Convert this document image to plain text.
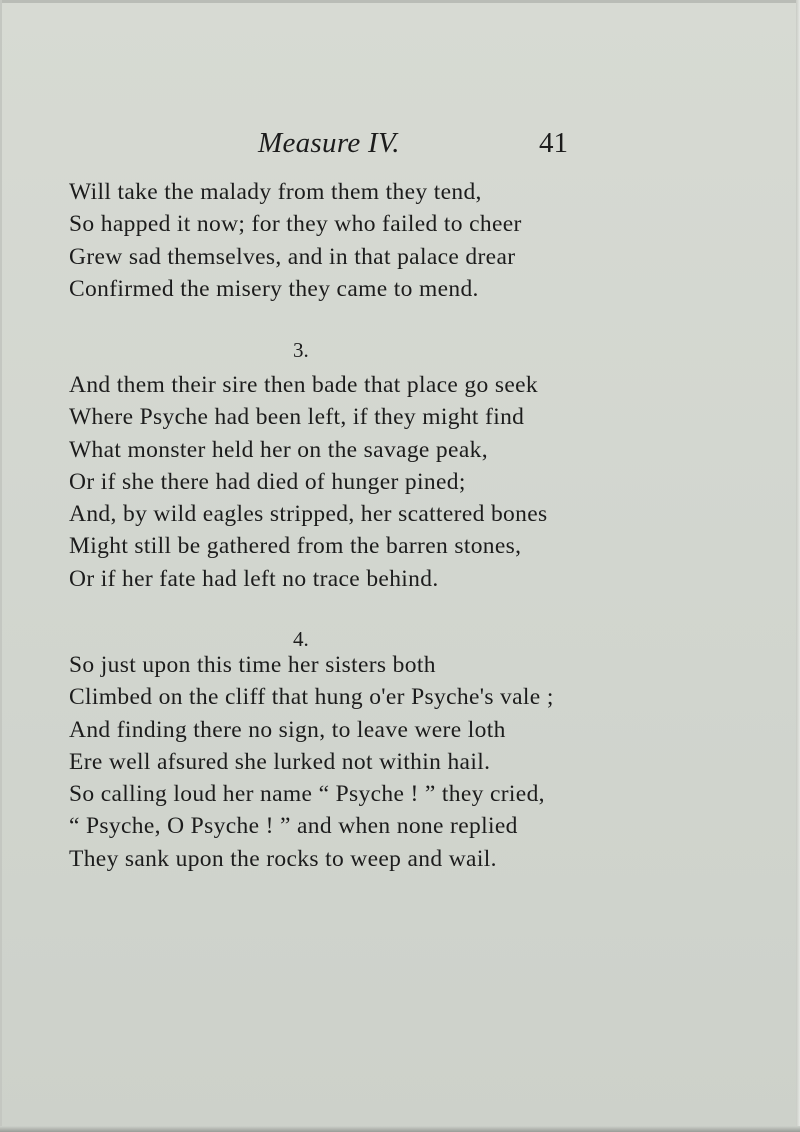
Measure IV.	41
Will take the malady from them they tend,
So happed it now; for they who failed to cheer
Grew sad themselves, and in that palace drear
Confirmed the misery they came to mend.
3.
And them their sire then bade that place go seek
Where Psyche had been left, if they might find
What monster held her on the savage peak,
Or if she there had died of hunger pined;
And, by wild eagles stripped, her scattered bones
Might still be gathered from the barren stones,
Or if her fate had left no trace behind.
4.
So just upon this time her sisters both
Climbed on the cliff that hung o'er Psyche's vale ;
And finding there no sign, to leave were loth
Ere well afsured she lurked not within hail.
So calling loud her name “ Psyche ! ” they cried,
“ Psyche, O Psyche ! ” and when none replied
They sank upon the rocks to weep and wail.
